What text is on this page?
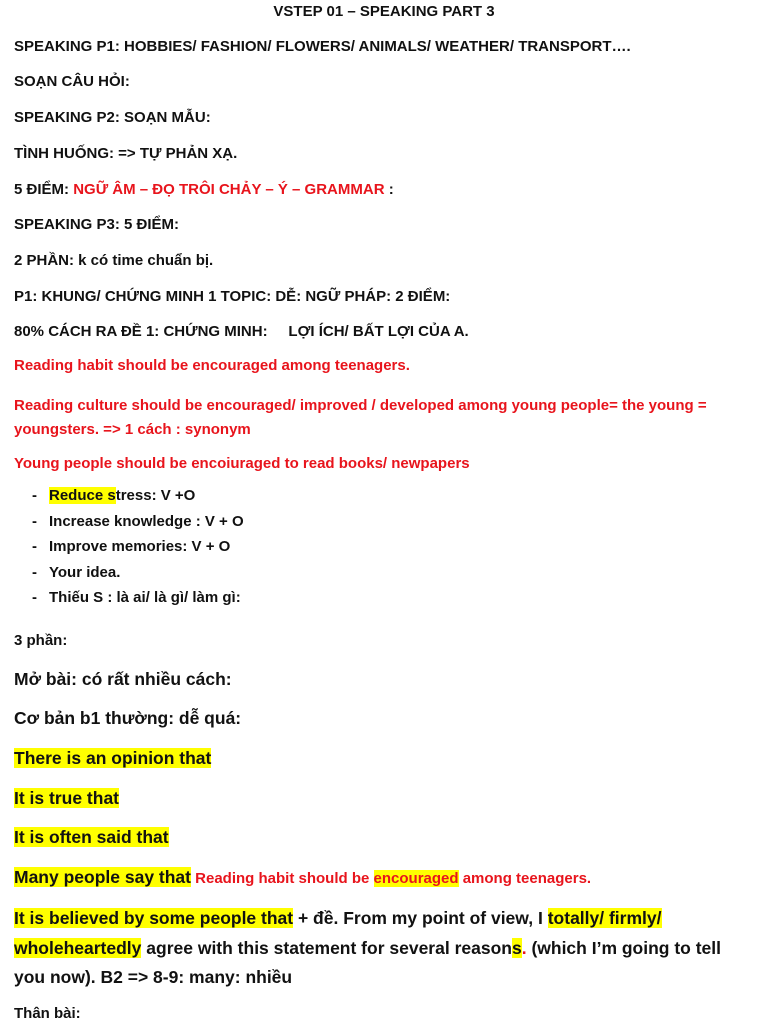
VSTEP 01 – SPEAKING PART 3
SPEAKING P1: HOBBIES/ FASHION/ FLOWERS/ ANIMALS/ WEATHER/ TRANSPORT….
SOẠN CÂU HỎI:
SPEAKING P2: SOẠN MẪU:
TÌNH HUỐNG: => TỰ PHẢN XẠ.
5 ĐIỂM: NGỮ ÂM – ĐỌ TRÔI CHẢY – Ý – GRAMMAR :
SPEAKING P3: 5 ĐIỂM:
2 PHẦN: k có time chuẩn bị.
P1: KHUNG/ CHỨNG MINH 1 TOPIC: DỄ: NGỮ PHÁP: 2 ĐIỂM:
80% CÁCH RA ĐỀ 1: CHỨNG MINH:     LỢI ÍCH/ BẤT LỢI CỦA A.
Reading habit should be encouraged among teenagers.
Reading culture should be encouraged/ improved / developed among young people= the young = youngsters. => 1 cách : synonym
Young people should be encoiuraged to read books/ newpapers
- Reduce stress: V +O
- Increase knowledge : V + O
- Improve memories: V + O
- Your idea.
- Thiếu S : là ai/ là gì/ làm gì:
3 phần:
Mở bài: có rất nhiều cách:
Cơ bản b1 thường: dễ quá:
There is an opinion that
It is true that
It is often said that
Many people say that Reading habit should be encouraged among teenagers.
It is believed by some people that + đề. From my point of view, I totally/ firmly/ wholeheartedly agree with this statement for several reasons. (which I’m going to tell you now). B2 => 8-9: many: nhiều
Thân bài:
